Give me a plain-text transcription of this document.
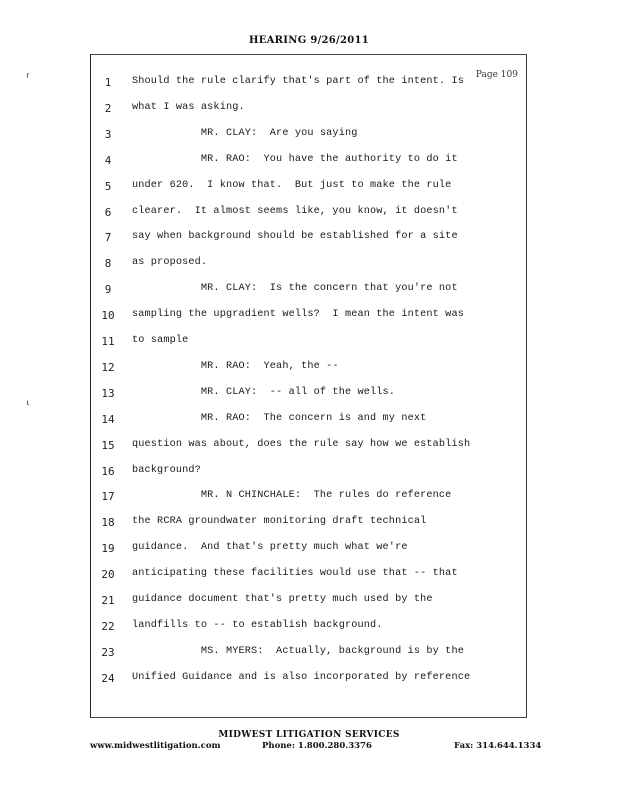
HEARING 9/26/2011
⸢
⸤
Page 109
1	Should the rule clarify that's part of the intent. Is
2	what I was asking.
3	MR. CLAY:  Are you saying
4	MR. RAO:  You have the authority to do it
5	under 620.  I know that.  But just to make the rule
6	clearer.  It almost seems like, you know, it doesn't
7	say when background should be established for a site
8	as proposed.
9	MR. CLAY:  Is the concern that you're not
10	sampling the upgradient wells?  I mean the intent was
11	to sample
12	MR. RAO:  Yeah, the --
13	MR. CLAY:  -- all of the wells.
14	MR. RAO:  The concern is and my next
15	question was about, does the rule say how we establish
16	background?
17	MR. N CHINCHALE:  The rules do reference
18	the RCRA groundwater monitoring draft technical
19	guidance.  And that's pretty much what we're
20	anticipating these facilities would use that -- that
21	guidance document that's pretty much used by the
22	landfills to -- to establish background.
23	MS. MYERS:  Actually, background is by the
24	Unified Guidance and is also incorporated by reference
MIDWEST LITIGATION SERVICES
www.midwestlitigation.com	Phone: 1.800.280.3376	Fax: 314.644.1334
